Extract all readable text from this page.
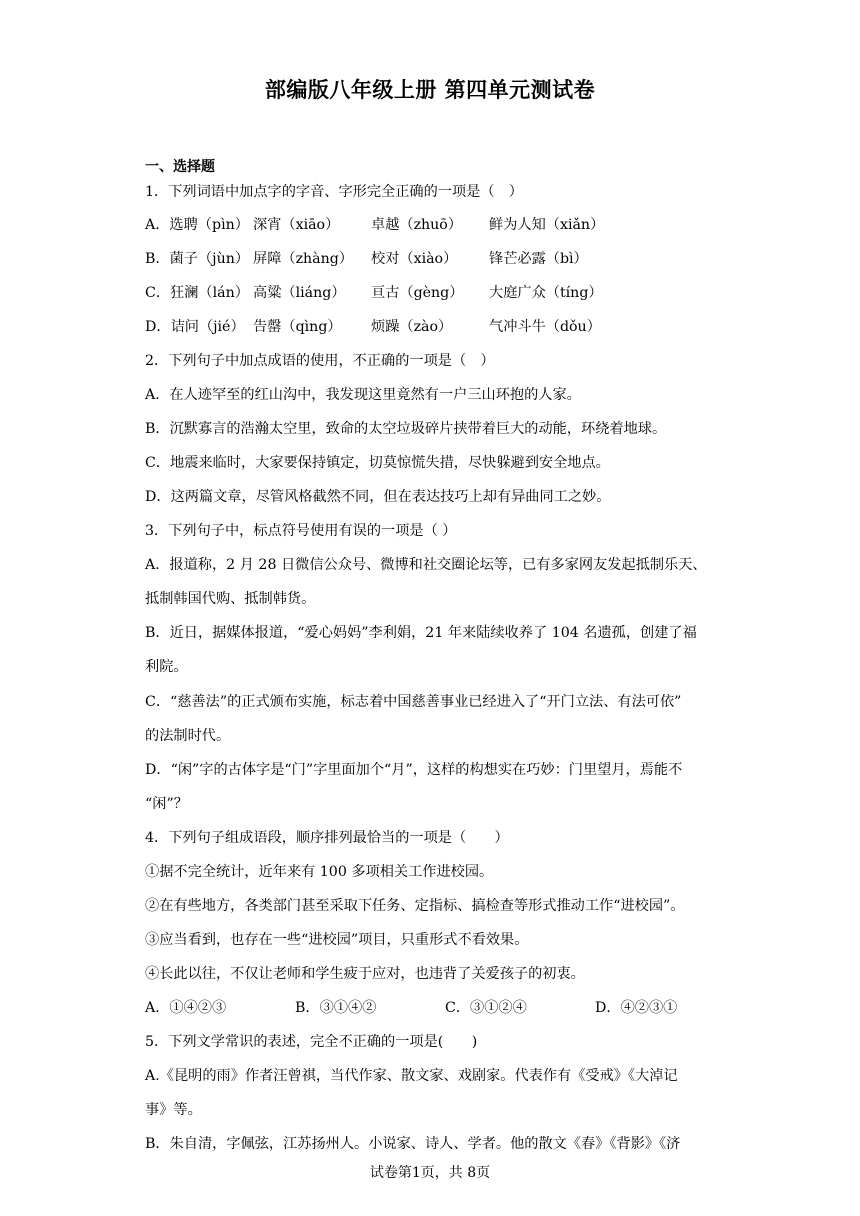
部编版八年级上册 第四单元测试卷
一、选择题
1．下列词语中加点字的字音、字形完全正确的一项是（　）
A．选聘（pìn） 深宵（xiāo） 卓越（zhuō） 鲜为人知（xiǎn）
B．菌子（jùn） 屏障（zhàng） 校对（xiào） 锋芒必露（bì）
C．狂澜（lán） 高粱（liáng） 亘古（gèng） 大庭广众（tíng）
D．诘问（jié） 告罄（qìng） 烦躁（zào）	气冲斗牛（dǒu）
2．下列句子中加点成语的使用，不正确的一项是（　）
A．在人迹罕至的红山沟中，我发现这里竟然有一户三山环抱的人家。
B．沉默寡言的浩瀚太空里，致命的太空垃圾碎片挟带着巨大的动能，环绕着地球。
C．地震来临时，大家要保持镇定，切莫惊慌失措，尽快躲避到安全地点。
D．这两篇文章，尽管风格截然不同，但在表达技巧上却有异曲同工之妙。
3．下列句子中，标点符号使用有误的一项是（ ）
A．报道称，2 月 28 日微信公众号、微博和社交圈论坛等，已有多家网友发起抵制乐天、
抵制韩国代购、抵制韩货。
B．近日，据媒体报道，“爱心妈妈”李利娟，21 年来陆续收养了 104 名遗孤，创建了福
利院。
C．“慈善法”的正式颁布实施，标志着中国慈善事业已经进入了“开门立法、有法可依”
的法制时代。
D．“闲”字的古体字是“门”字里面加个“月”，这样的构想实在巧妙：门里望月，焉能不
“闲”？
4．下列句子组成语段，顺序排列最恰当的一项是（　　）
①据不完全统计，近年来有 100 多项相关工作进校园。
②在有些地方，各类部门甚至采取下任务、定指标、搞检查等形式推动工作“进校园”。
③应当看到，也存在一些“进校园”项目，只重形式不看效果。
④长此以往，不仅让老师和学生疲于应对，也违背了关爱孩子的初衷。
A．①④②③	B．③①④②	C．③①②④	D．④②③①
5．下列文学常识的表述，完全不正确的一项是(　　)
A.《昆明的雨》作者汪曾祺，当代作家、散文家、戏剧家。代表作有《受戒》《大淖记
事》等。
B．朱自清，字佩弦，江苏扬州人。小说家、诗人、学者。他的散文《春》《背影》《济
试卷第1页，共 8页
